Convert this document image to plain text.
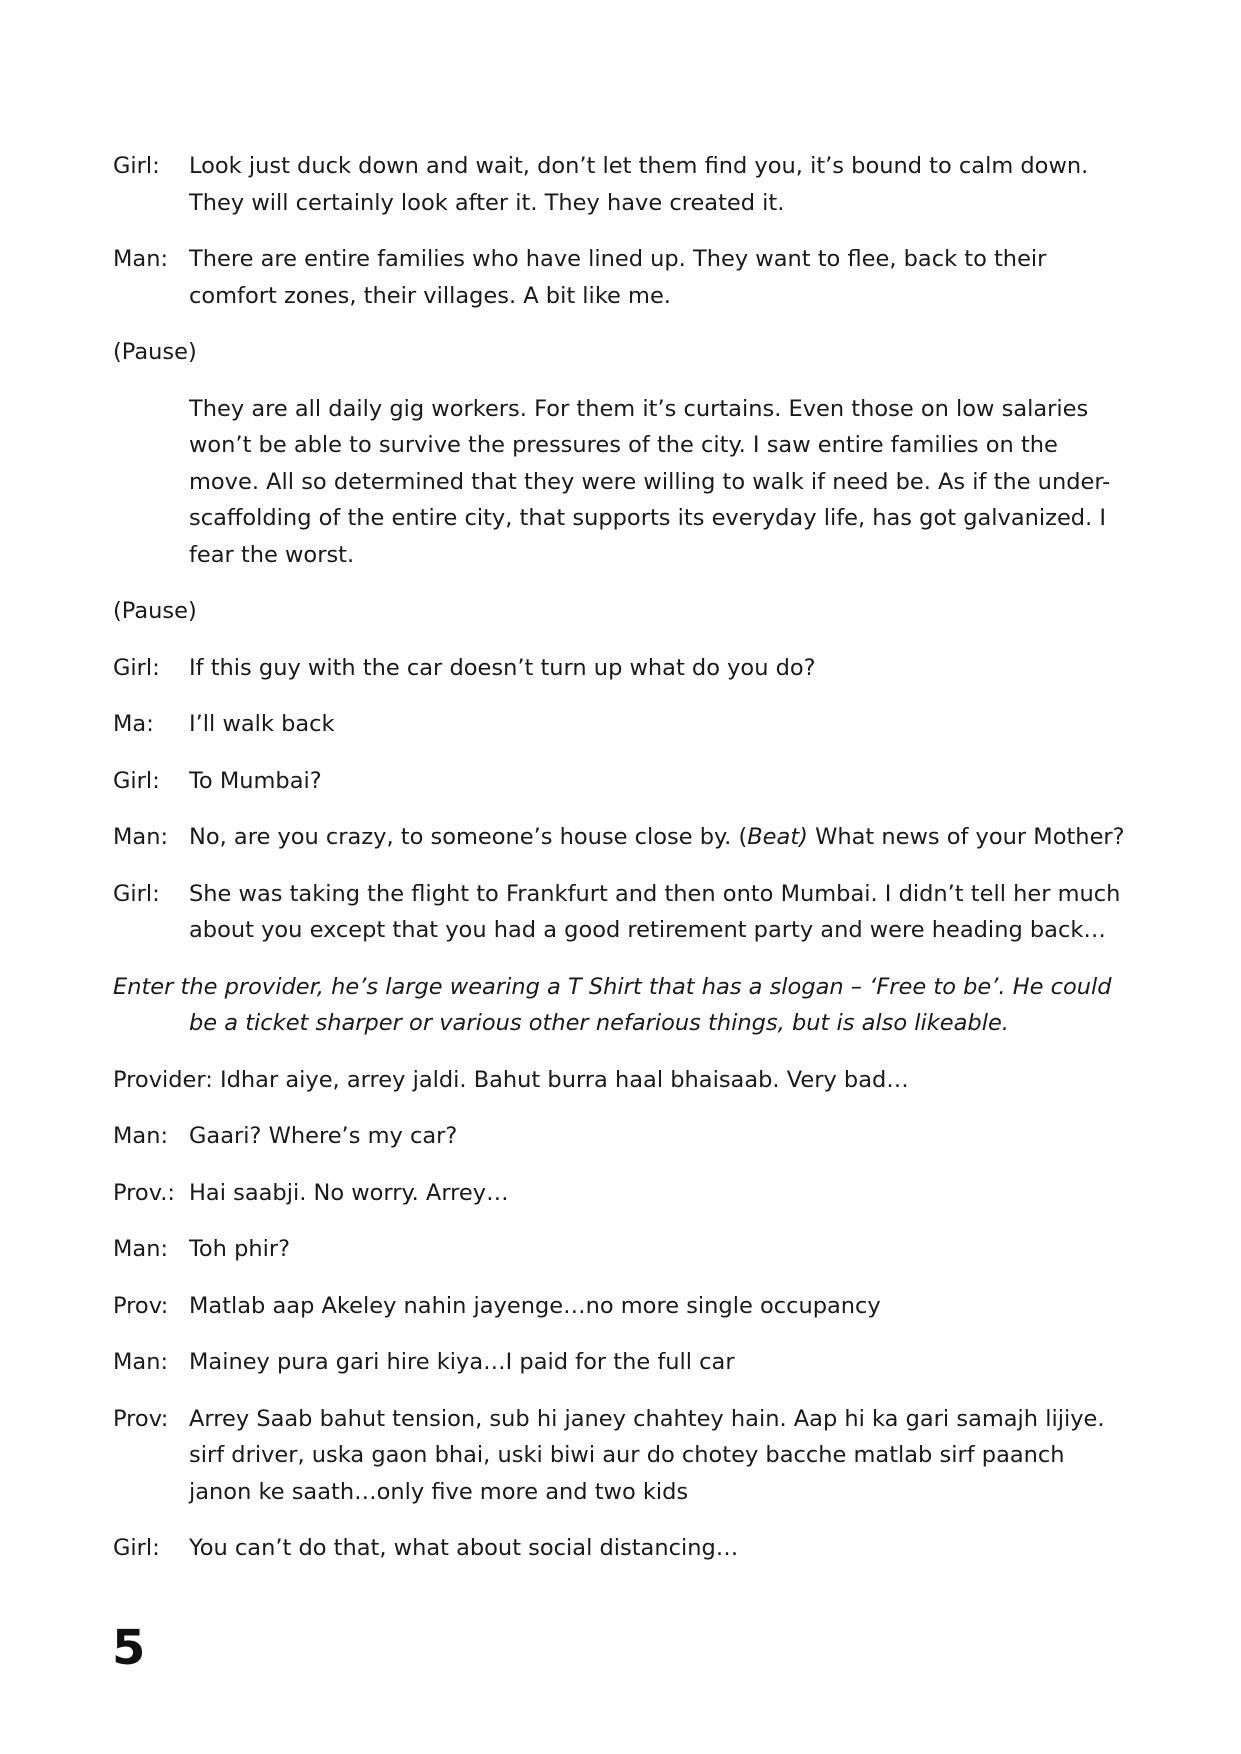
Girl: Look just duck down and wait, don’t let them find you, it’s bound to calm down. They will certainly look after it. They have created it.
Man: There are entire families who have lined up. They want to flee, back to their comfort zones, their villages. A bit like me.
(Pause)
They are all daily gig workers. For them it’s curtains. Even those on low salaries won’t be able to survive the pressures of the city. I saw entire families on the move. All so determined that they were willing to walk if need be. As if the under-scaffolding of the entire city, that supports its everyday life, has got galvanized. I fear the worst.
(Pause)
Girl: If this guy with the car doesn’t turn up what do you do?
Ma: I’ll walk back
Girl: To Mumbai?
Man: No, are you crazy, to someone’s house close by. (Beat) What news of your Mother?
Girl: She was taking the flight to Frankfurt and then onto Mumbai. I didn’t tell her much about you except that you had a good retirement party and were heading back…
Enter the provider, he’s large wearing a T Shirt that has a slogan – ‘Free to be’. He could be a ticket sharper or various other nefarious things, but is also likeable.
Provider: Idhar aiye, arrey jaldi. Bahut burra haal bhaisaab. Very bad…
Man: Gaari? Where’s my car?
Prov.: Hai saabji. No worry. Arrey…
Man: Toh phir?
Prov: Matlab aap Akeley nahin jayenge…no more single occupancy
Man: Mainey pura gari hire kiya…I paid for the full car
Prov: Arrey Saab bahut tension, sub hi janey chahtey hain. Aap hi ka gari samajh lijiye. sirf driver, uska gaon bhai, uski biwi aur do chotey bacche matlab sirf paanch janon ke saath…only five more and two kids
Girl: You can’t do that, what about social distancing…
5
